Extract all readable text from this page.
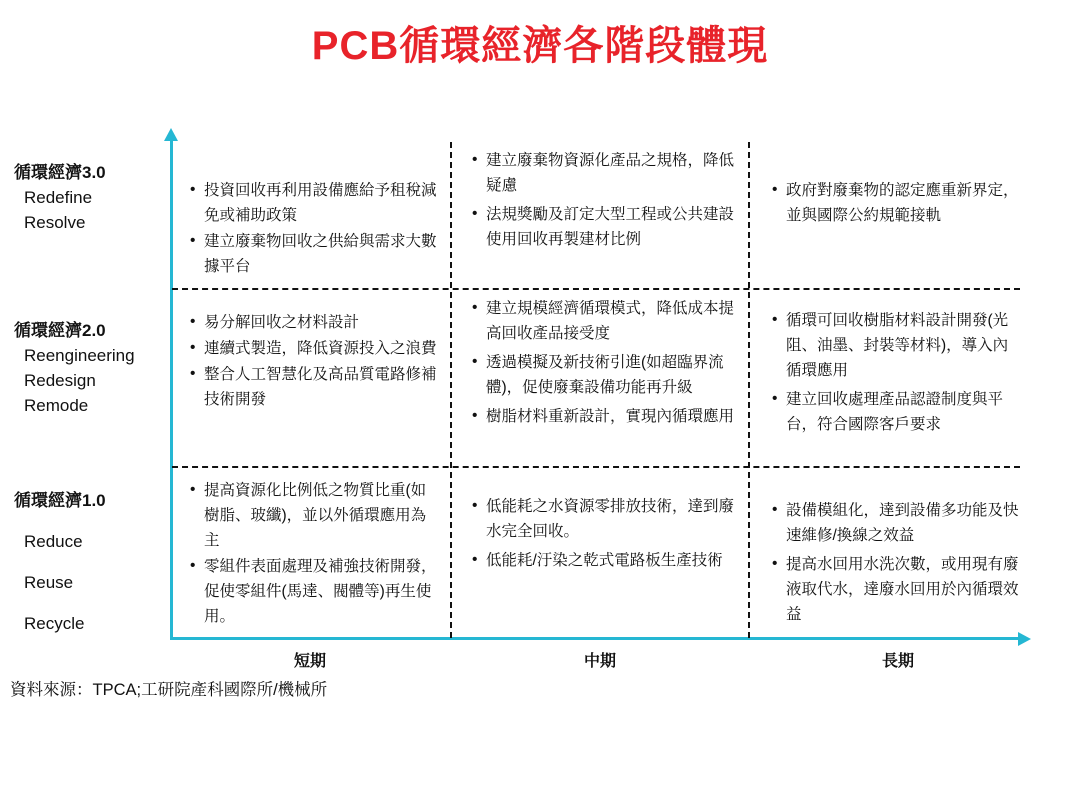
PCB循環經濟各階段體現
循環經濟3.0
Redefine
Resolve
循環經濟2.0
Reengineering
Redesign
Remode
循環經濟1.0
Reduce
Reuse
Recycle
• 投資回收再利用設備應給予租稅減免或補助政策
• 建立廢棄物回收之供給與需求大數據平台
• 建立廢棄物資源化產品之規格，降低疑慮
• 法規獎勵及訂定大型工程或公共建設使用回收再製建材比例
• 政府對廢棄物的認定應重新界定，並與國際公約規範接軌
• 易分解回收之材料設計
• 連續式製造，降低資源投入之浪費
• 整合人工智慧化及高品質電路修補技術開發
• 建立規模經濟循環模式，降低成本提高回收產品接受度
• 透過模擬及新技術引進(如超臨界流體)，促使廢棄設備功能再升級
• 樹脂材料重新設計，實現內循環應用
• 循環可回收樹脂材料設計開發(光阻、油墨、封裝等材料)，導入內循環應用
• 建立回收處理產品認證制度與平台，符合國際客戶要求
• 提高資源化比例低之物質比重(如樹脂、玻纖)，並以外循環應用為主
• 零組件表面處理及補強技術開發，促使零組件(馬達、閥體等)再生使用。
• 低能耗之水資源零排放技術，達到廢水完全回收。
• 低能耗/汙染之乾式電路板生產技術
• 設備模組化，達到設備多功能及快速維修/換線之效益
• 提高水回用水洗次數，或用現有廢液取代水，達廢水回用於內循環效益
短期	中期	長期
資料來源：TPCA;工研院產科國際所/機械所
